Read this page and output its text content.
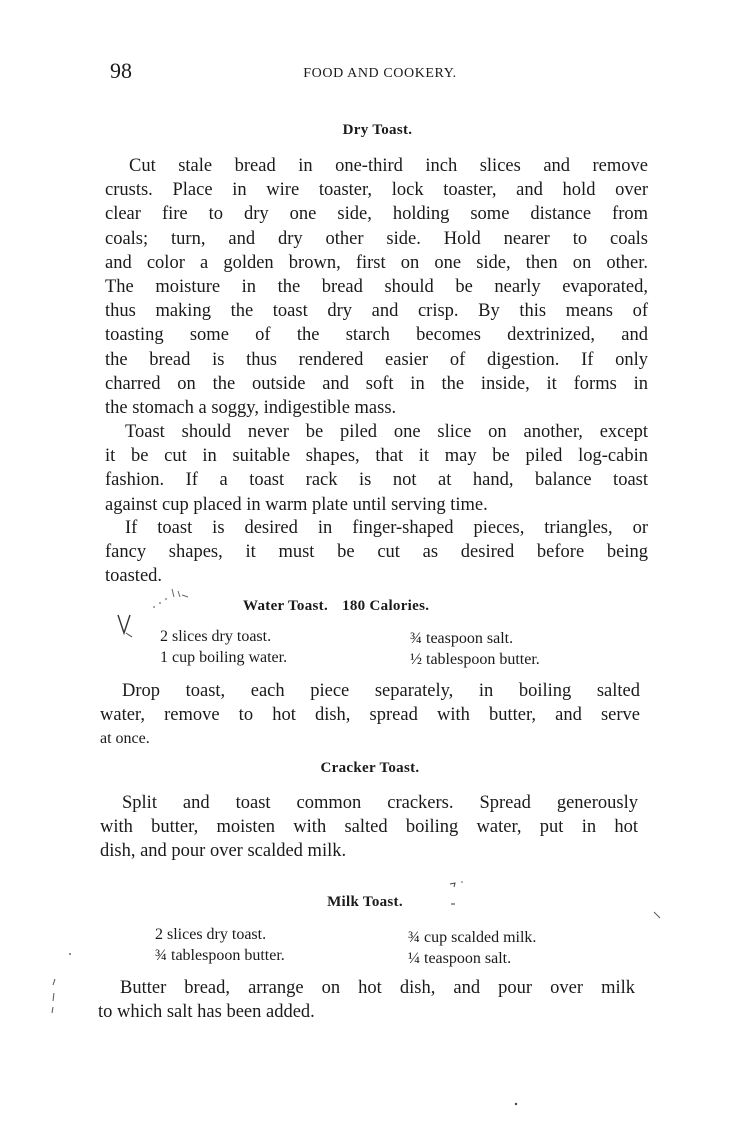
98	FOOD AND COOKERY.
Dry Toast.
Cut stale bread in one-third inch slices and remove
crusts. Place in wire toaster, lock toaster, and hold over
clear fire to dry one side, holding some distance from
coals; turn, and dry other side. Hold nearer to coals
and color a golden brown, first on one side, then on other.
The moisture in the bread should be nearly evaporated,
thus making the toast dry and crisp. By this means of
toasting some of the starch becomes dextrinized, and
the bread is thus rendered easier of digestion. If only
charred on the outside and soft in the inside, it forms in
the stomach a soggy, indigestible mass.
Toast should never be piled one slice on another, except
it be cut in suitable shapes, that it may be piled log-cabin
fashion. If a toast rack is not at hand, balance toast
against cup placed in warm plate until serving time.
If toast is desired in finger-shaped pieces, triangles, or
fancy shapes, it must be cut as desired before being
toasted.
Water Toast. 180 Calories.
2 slices dry toast.
1 cup boiling water.
¾ teaspoon salt.
½ tablespoon butter.
Drop toast, each piece separately, in boiling salted
water, remove to hot dish, spread with butter, and serve
at once.
Cracker Toast.
Split and toast common crackers. Spread generously
with butter, moisten with salted boiling water, put in hot
dish, and pour over scalded milk.
Milk Toast.
2 slices dry toast.
¾ tablespoon butter.
¾ cup scalded milk.
¼ teaspoon salt.
Butter bread, arrange on hot dish, and pour over milk
to which salt has been added.
